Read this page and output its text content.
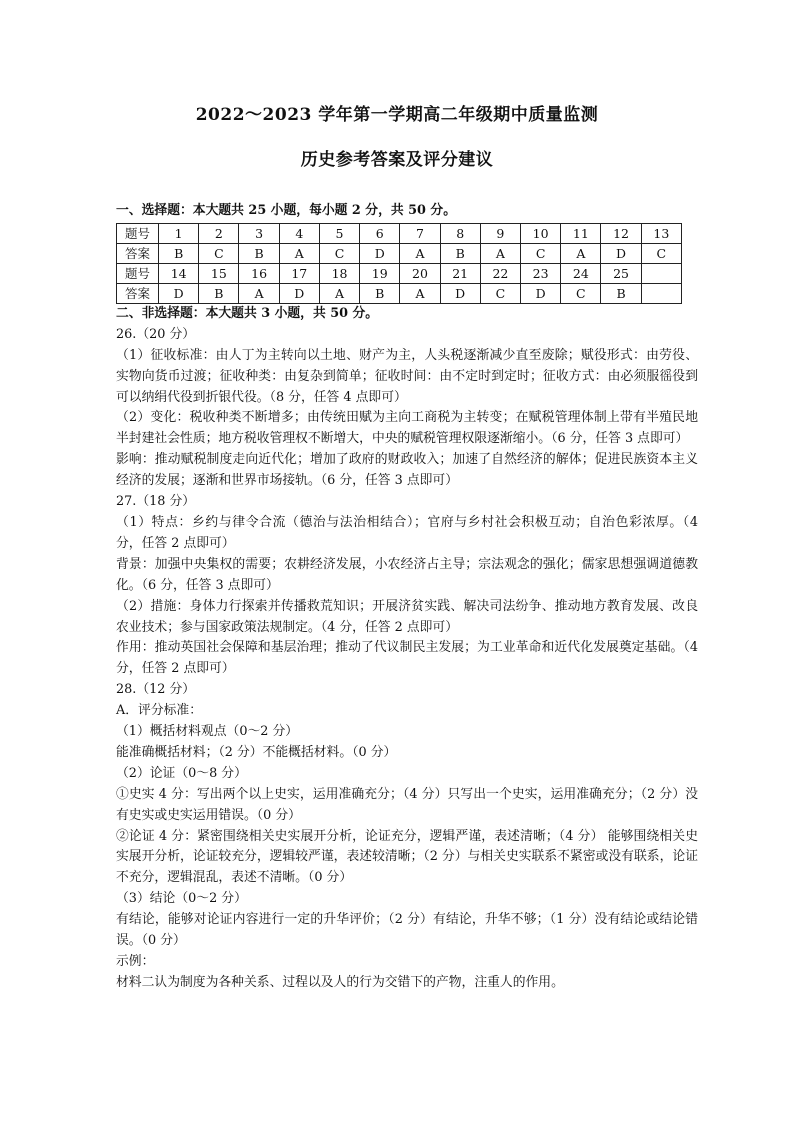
2022～2023 学年第一学期高二年级期中质量监测
历史参考答案及评分建议
一、选择题：本大题共 25 小题，每小题 2 分，共 50 分。
题号	1	2	3	4	5	6	7	8	9	10	11	12	13
答案	B	C	B	A	C	D	A	B	A	C	A	D	C
题号	14	15	16	17	18	19	20	21	22	23	24	25	
答案	D	B	A	D	A	B	A	D	C	D	C	B	
二、非选择题：本大题共 3 小题，共 50 分。

26.（20 分）

（1）征收标准：由人丁为主转向以土地、财产为主，人头税逐渐减少直至废除；赋役形式：由劳役、实物向货币过渡；征收种类：由复杂到简单；征收时间：由不定时到定时；征收方式：由必须服徭役到可以纳绢代役到折银代役。（8 分，任答 4 点即可）

（2）变化：税收种类不断增多；由传统田赋为主向工商税为主转变；在赋税管理体制上带有半殖民地半封建社会性质；地方税收管理权不断增大，中央的赋税管理权限逐渐缩小。（6 分，任答 3 点即可）

影响：推动赋税制度走向近代化；增加了政府的财政收入；加速了自然经济的解体；促进民族资本主义经济的发展；逐渐和世界市场接轨。（6 分，任答 3 点即可）

27.（18 分）

（1）特点：乡约与律令合流（德治与法治相结合）；官府与乡村社会积极互动；自治色彩浓厚。（4 分，任答 2 点即可）

背景：加强中央集权的需要；农耕经济发展，小农经济占主导；宗法观念的强化；儒家思想强调道德教化。（6 分，任答 3 点即可）

（2）措施：身体力行探索并传播救荒知识；开展济贫实践、解决司法纷争、推动地方教育发展、改良农业技术；参与国家政策法规制定。（4 分，任答 2 点即可）

作用：推动英国社会保障和基层治理；推动了代议制民主发展；为工业革命和近代化发展奠定基础。（4 分，任答 2 点即可）

28.（12 分）

A．评分标准：

（1）概括材料观点（0～2 分）

能准确概括材料；（2 分）不能概括材料。（0 分）

（2）论证（0～8 分）

①史实 4 分：写出两个以上史实，运用准确充分；（4 分）只写出一个史实，运用准确充分；（2 分）没有史实或史实运用错误。（0 分）

②论证 4 分：紧密围绕相关史实展开分析，论证充分，逻辑严谨，表述清晰；（4 分） 能够围绕相关史实展开分析，论证较充分，逻辑较严谨，表述较清晰；（2 分）与相关史实联系不紧密或没有联系，论证不充分，逻辑混乱，表述不清晰。（0 分）

（3）结论（0～2 分）

有结论，能够对论证内容进行一定的升华评价；（2 分）有结论，升华不够；（1 分）没有结论或结论错误。（0 分）

示例：

材料二认为制度为各种关系、过程以及人的行为交错下的产物，注重人的作用。
